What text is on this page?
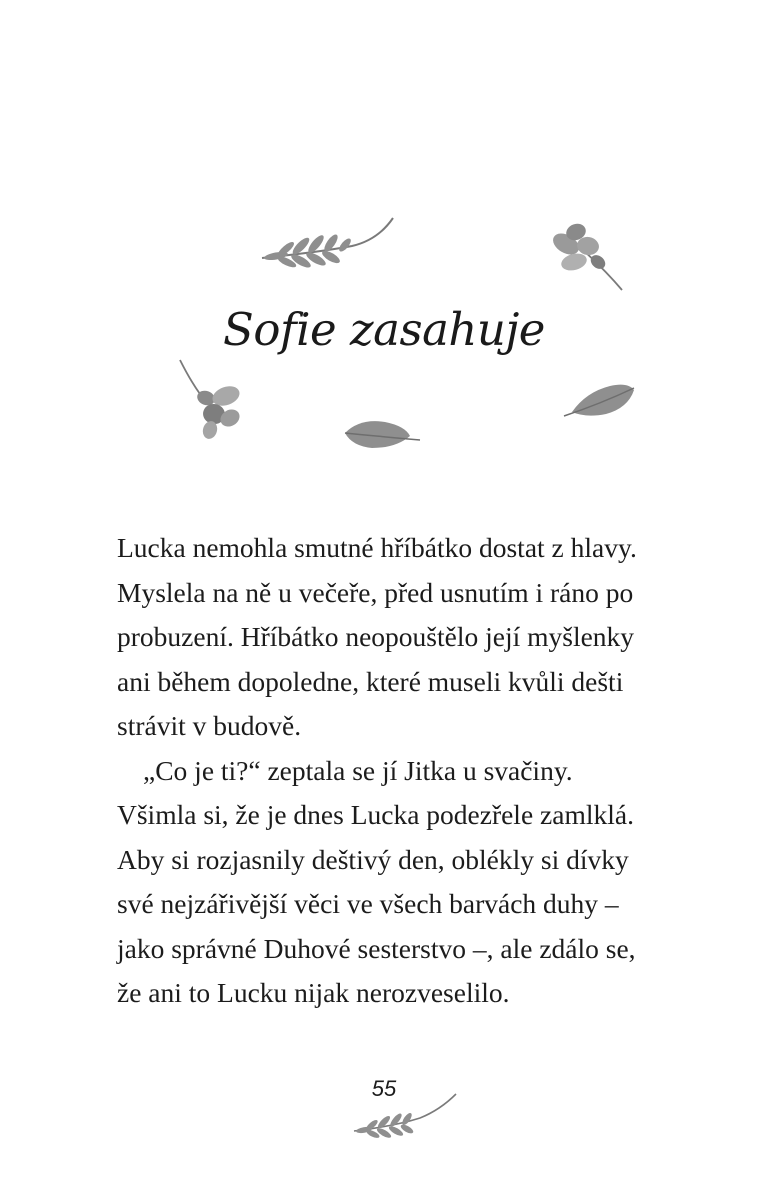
Sofie zasahuje

Lucka nemohla smutné hříbátko dostat z hlavy.
Myslela na ně u večeře, před usnutím i ráno po
probuzení. Hříbátko neopouštělo její myšlenky
ani během dopoledne, které museli kvůli dešti
strávit v budově.

„Co je ti?“ zeptala se jí Jitka u svačiny.
Všimla si, že je dnes Lucka podezřele zamlklá.
Aby si rozjasnily deštivý den, oblékly si dívky
své nejzářivější věci ve všech barvách duhy –
jako správné Duhové sesterstvo –, ale zdálo se,
že ani to Lucku nijak nerozveselilo.

55
